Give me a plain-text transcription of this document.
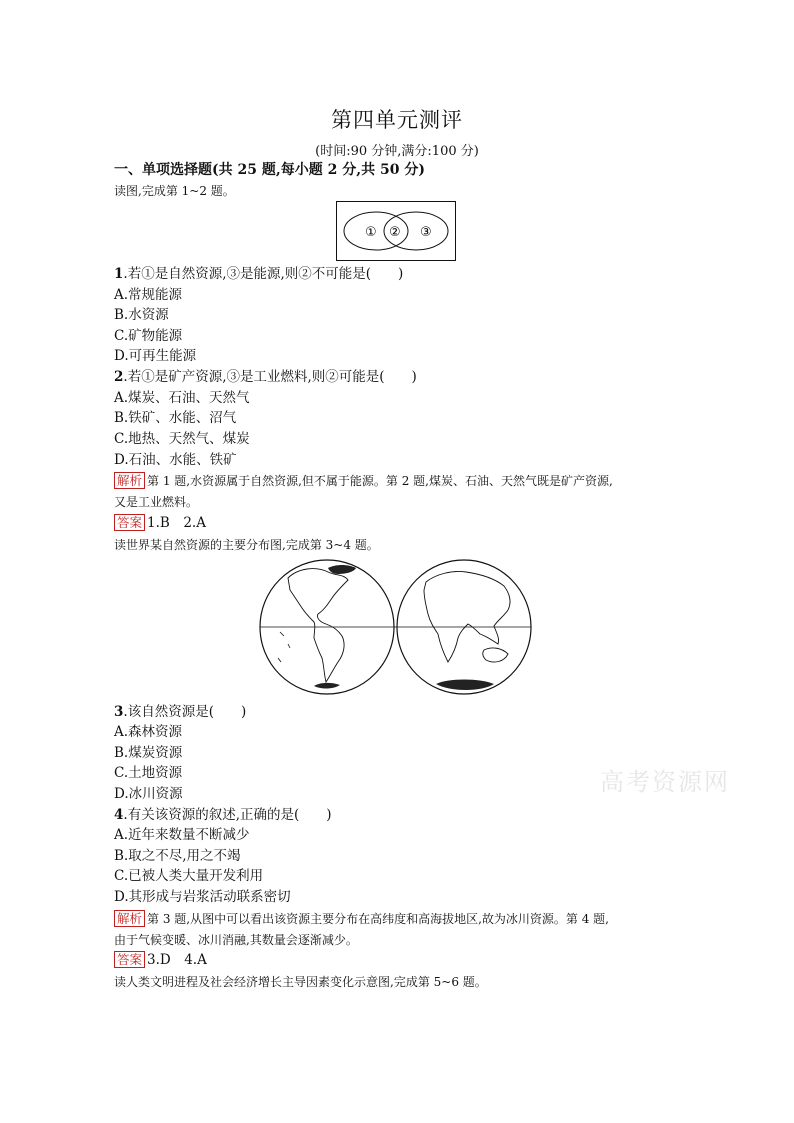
第四单元测评
(时间:90 分钟,满分:100 分)
一、单项选择题(共 25 题,每小题 2 分,共 50 分)
读图,完成第 1~2 题。
① ② ③
1.若①是自然资源,③是能源,则②不可能是(　　)
A.常规能源
B.水资源
C.矿物能源
D.可再生能源
2.若①是矿产资源,③是工业燃料,则②可能是(　　)
A.煤炭、石油、天然气
B.铁矿、水能、沼气
C.地热、天然气、煤炭
D.石油、水能、铁矿
解析 第 1 题,水资源属于自然资源,但不属于能源。第 2 题,煤炭、石油、天然气既是矿产资源,
又是工业燃料。
答案 1.B　2.A
读世界某自然资源的主要分布图,完成第 3~4 题。
3.该自然资源是(　　)
A.森林资源
B.煤炭资源
C.土地资源
D.冰川资源
4.有关该资源的叙述,正确的是(　　)
A.近年来数量不断减少
B.取之不尽,用之不竭
C.已被人类大量开发利用
D.其形成与岩浆活动联系密切
解析 第 3 题,从图中可以看出该资源主要分布在高纬度和高海拔地区,故为冰川资源。第 4 题,
由于气候变暖、冰川消融,其数量会逐渐减少。
答案 3.D　4.A
读人类文明进程及社会经济增长主导因素变化示意图,完成第 5~6 题。
高考资源网
